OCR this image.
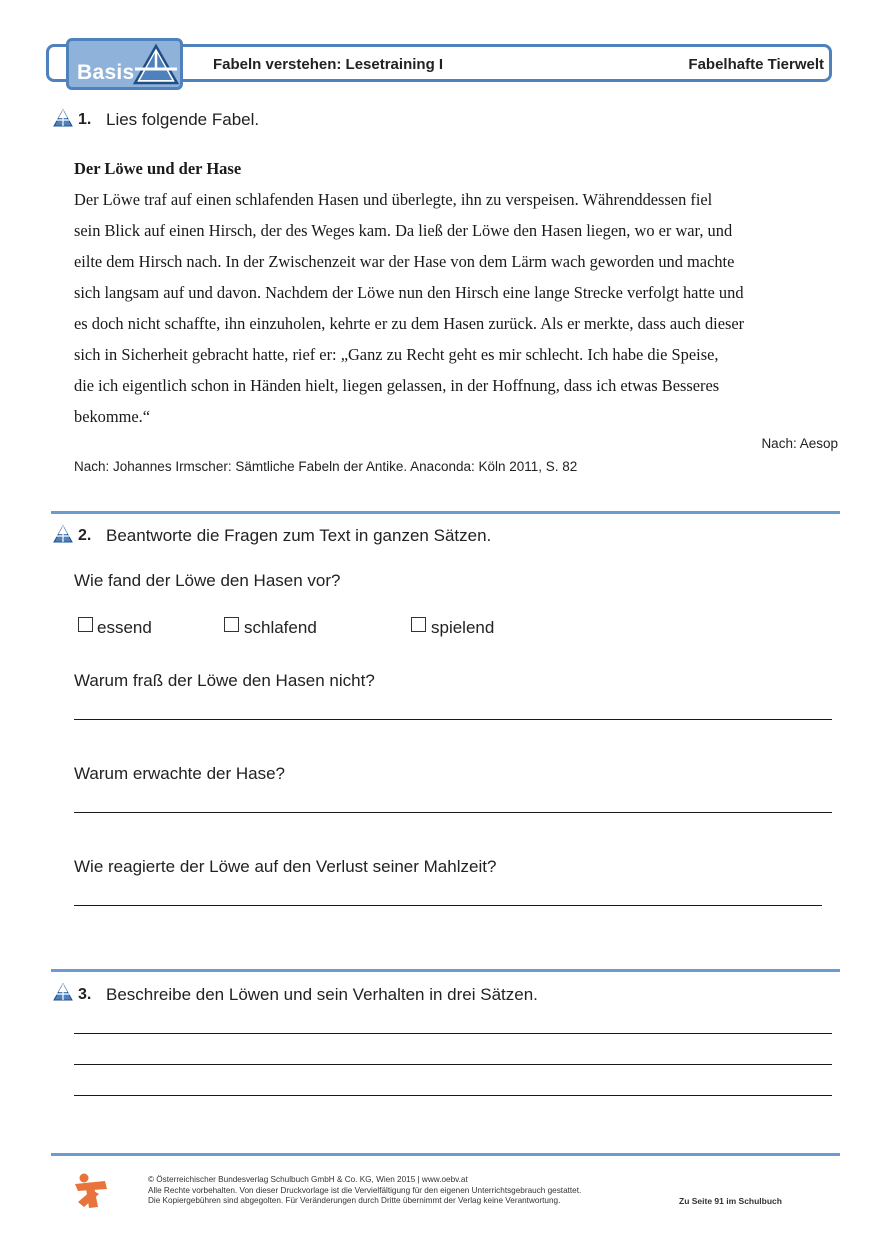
Basis	Fabeln verstehen: Lesetraining I	Fabelhafte Tierwelt
1. Lies folgende Fabel.
Der Löwe und der Hase
Der Löwe traf auf einen schlafenden Hasen und überlegte, ihn zu verspeisen. Währenddessen fiel
sein Blick auf einen Hirsch, der des Weges kam. Da ließ der Löwe den Hasen liegen, wo er war, und
eilte dem Hirsch nach. In der Zwischenzeit war der Hase von dem Lärm wach geworden und machte
sich langsam auf und davon. Nachdem der Löwe nun den Hirsch eine lange Strecke verfolgt hatte und
es doch nicht schaffte, ihn einzuholen, kehrte er zu dem Hasen zurück. Als er merkte, dass auch dieser
sich in Sicherheit gebracht hatte, rief er: „Ganz zu Recht geht es mir schlecht. Ich habe die Speise,
die ich eigentlich schon in Händen hielt, liegen gelassen, in der Hoffnung, dass ich etwas Besseres
bekomme.“
Nach: Aesop
Nach: Johannes Irmscher: Sämtliche Fabeln der Antike. Anaconda: Köln 2011, S. 82
2. Beantworte die Fragen zum Text in ganzen Sätzen.
Wie fand der Löwe den Hasen vor?
essend	schlafend	spielend
Warum fraß der Löwe den Hasen nicht?
Warum erwachte der Hase?
Wie reagierte der Löwe auf den Verlust seiner Mahlzeit?
3. Beschreibe den Löwen und sein Verhalten in drei Sätzen.
© Österreichischer Bundesverlag Schulbuch GmbH & Co. KG, Wien 2015 | www.oebv.at
Alle Rechte vorbehalten. Von dieser Druckvorlage ist die Vervielfältigung für den eigenen Unterrichtsgebrauch gestattet.
Die Kopiergebühren sind abgegolten. Für Veränderungen durch Dritte übernimmt der Verlag keine Verantwortung.	Zu Seite 91 im Schulbuch
